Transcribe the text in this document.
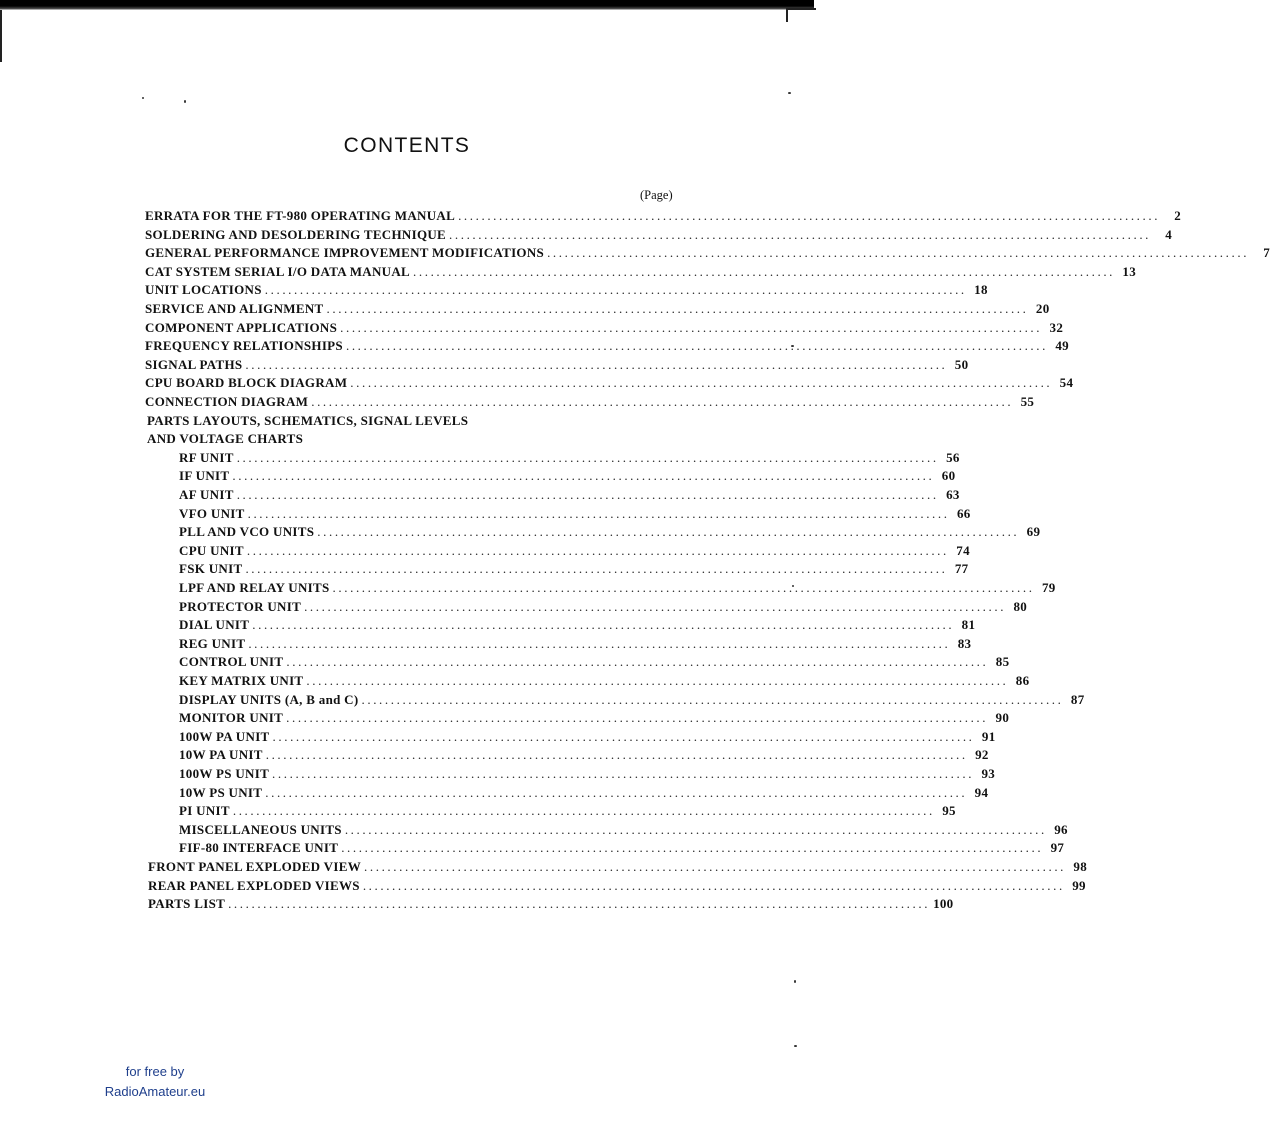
CONTENTS
(Page)
ERRATA FOR THE FT-980 OPERATING MANUAL ........................................................................................................................	2
SOLDERING AND DESOLDERING TECHNIQUE ........................................................................................................................	4
GENERAL PERFORMANCE IMPROVEMENT MODIFICATIONS ........................................................................................................................	7
CAT SYSTEM SERIAL I/O DATA MANUAL ........................................................................................................................ 13
UNIT LOCATIONS ........................................................................................................................ 18
SERVICE AND ALIGNMENT ........................................................................................................................ 20
COMPONENT APPLICATIONS ........................................................................................................................ 32
FREQUENCY RELATIONSHIPS ........................................................................................................................ 49
SIGNAL PATHS ........................................................................................................................ 50
CPU BOARD BLOCK DIAGRAM ........................................................................................................................ 54
CONNECTION DIAGRAM ........................................................................................................................ 55
PARTS LAYOUTS, SCHEMATICS, SIGNAL LEVELS
AND VOLTAGE CHARTS
RF UNIT ........................................................................................................................ 56
IF UNIT ........................................................................................................................ 60
AF UNIT ........................................................................................................................ 63
VFO UNIT ........................................................................................................................ 66
PLL AND VCO UNITS ........................................................................................................................ 69
CPU UNIT ........................................................................................................................ 74
FSK UNIT ........................................................................................................................ 77
LPF AND RELAY UNITS ........................................................................................................................ 79
PROTECTOR UNIT ........................................................................................................................ 80
DIAL UNIT ........................................................................................................................ 81
REG UNIT ........................................................................................................................ 83
CONTROL UNIT ........................................................................................................................ 85
KEY MATRIX UNIT ........................................................................................................................ 86
DISPLAY UNITS (A, B and C) ........................................................................................................................ 87
MONITOR UNIT ........................................................................................................................ 90
100W PA UNIT ........................................................................................................................ 91
10W PA UNIT ........................................................................................................................ 92
100W PS UNIT ........................................................................................................................ 93
10W PS UNIT ........................................................................................................................ 94
PI UNIT ........................................................................................................................ 95
MISCELLANEOUS UNITS ........................................................................................................................ 96
FIF-80 INTERFACE UNIT ........................................................................................................................ 97
FRONT PANEL EXPLODED VIEW ........................................................................................................................ 98
REAR PANEL EXPLODED VIEWS ........................................................................................................................ 99
PARTS LIST ........................................................................................................................ 100
for free by
RadioAmateur.eu
